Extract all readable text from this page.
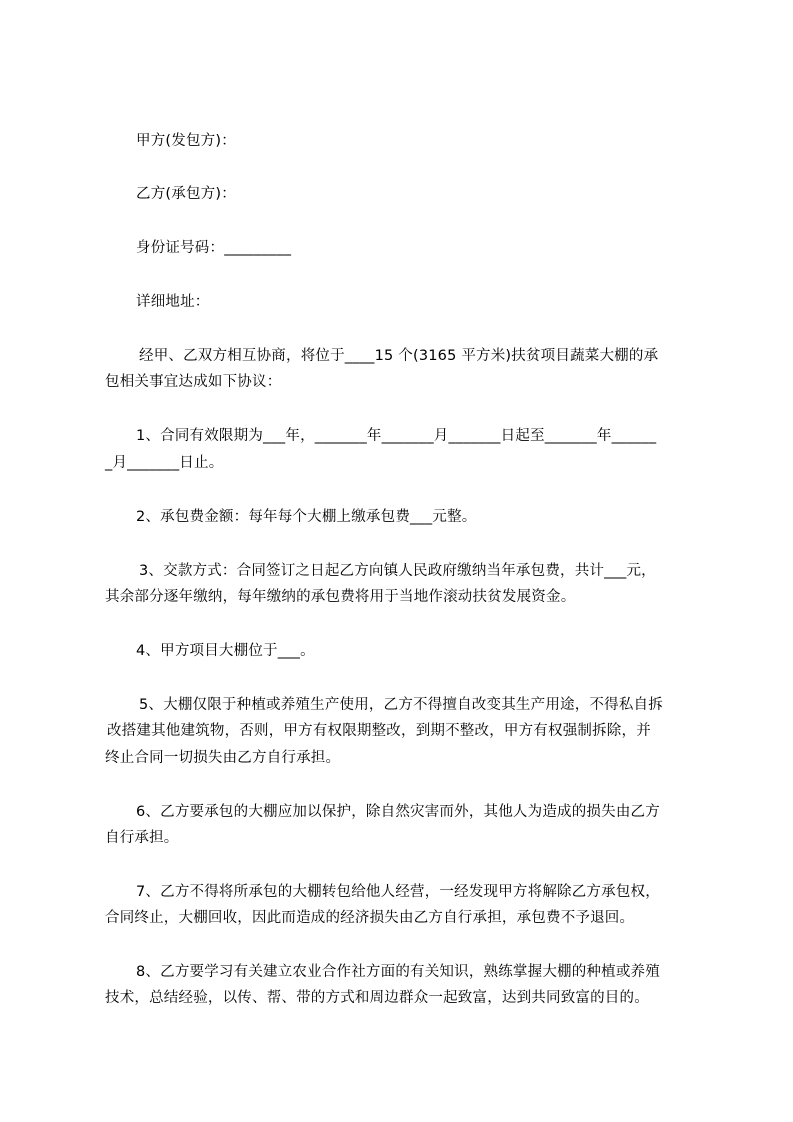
甲方(发包方)：
乙方(承包方)：
身份证号码：_________
详细地址：
经甲、乙双方相互协商，将位于____15 个(3165 平方米)扶贫项目蔬菜大棚的承
包相关事宜达成如下协议：
1、合同有效限期为___年，_______年_______月_______日起至_______年______
_月_______日止。
2、承包费金额：每年每个大棚上缴承包费___元整。
3、交款方式：合同签订之日起乙方向镇人民政府缴纳当年承包费，共计___元，
其余部分逐年缴纳，每年缴纳的承包费将用于当地作滚动扶贫发展资金。
4、甲方项目大棚位于___。
5、大棚仅限于种植或养殖生产使用，乙方不得擅自改变其生产用途，不得私自拆
改搭建其他建筑物，否则，甲方有权限期整改，到期不整改，甲方有权强制拆除，并
终止合同一切损失由乙方自行承担。
6、乙方要承包的大棚应加以保护，除自然灾害而外，其他人为造成的损失由乙方
自行承担。
7、乙方不得将所承包的大棚转包给他人经营，一经发现甲方将解除乙方承包权，
合同终止，大棚回收，因此而造成的经济损失由乙方自行承担，承包费不予退回。
8、乙方要学习有关建立农业合作社方面的有关知识，熟练掌握大棚的种植或养殖
技术，总结经验，以传、帮、带的方式和周边群众一起致富，达到共同致富的目的。
